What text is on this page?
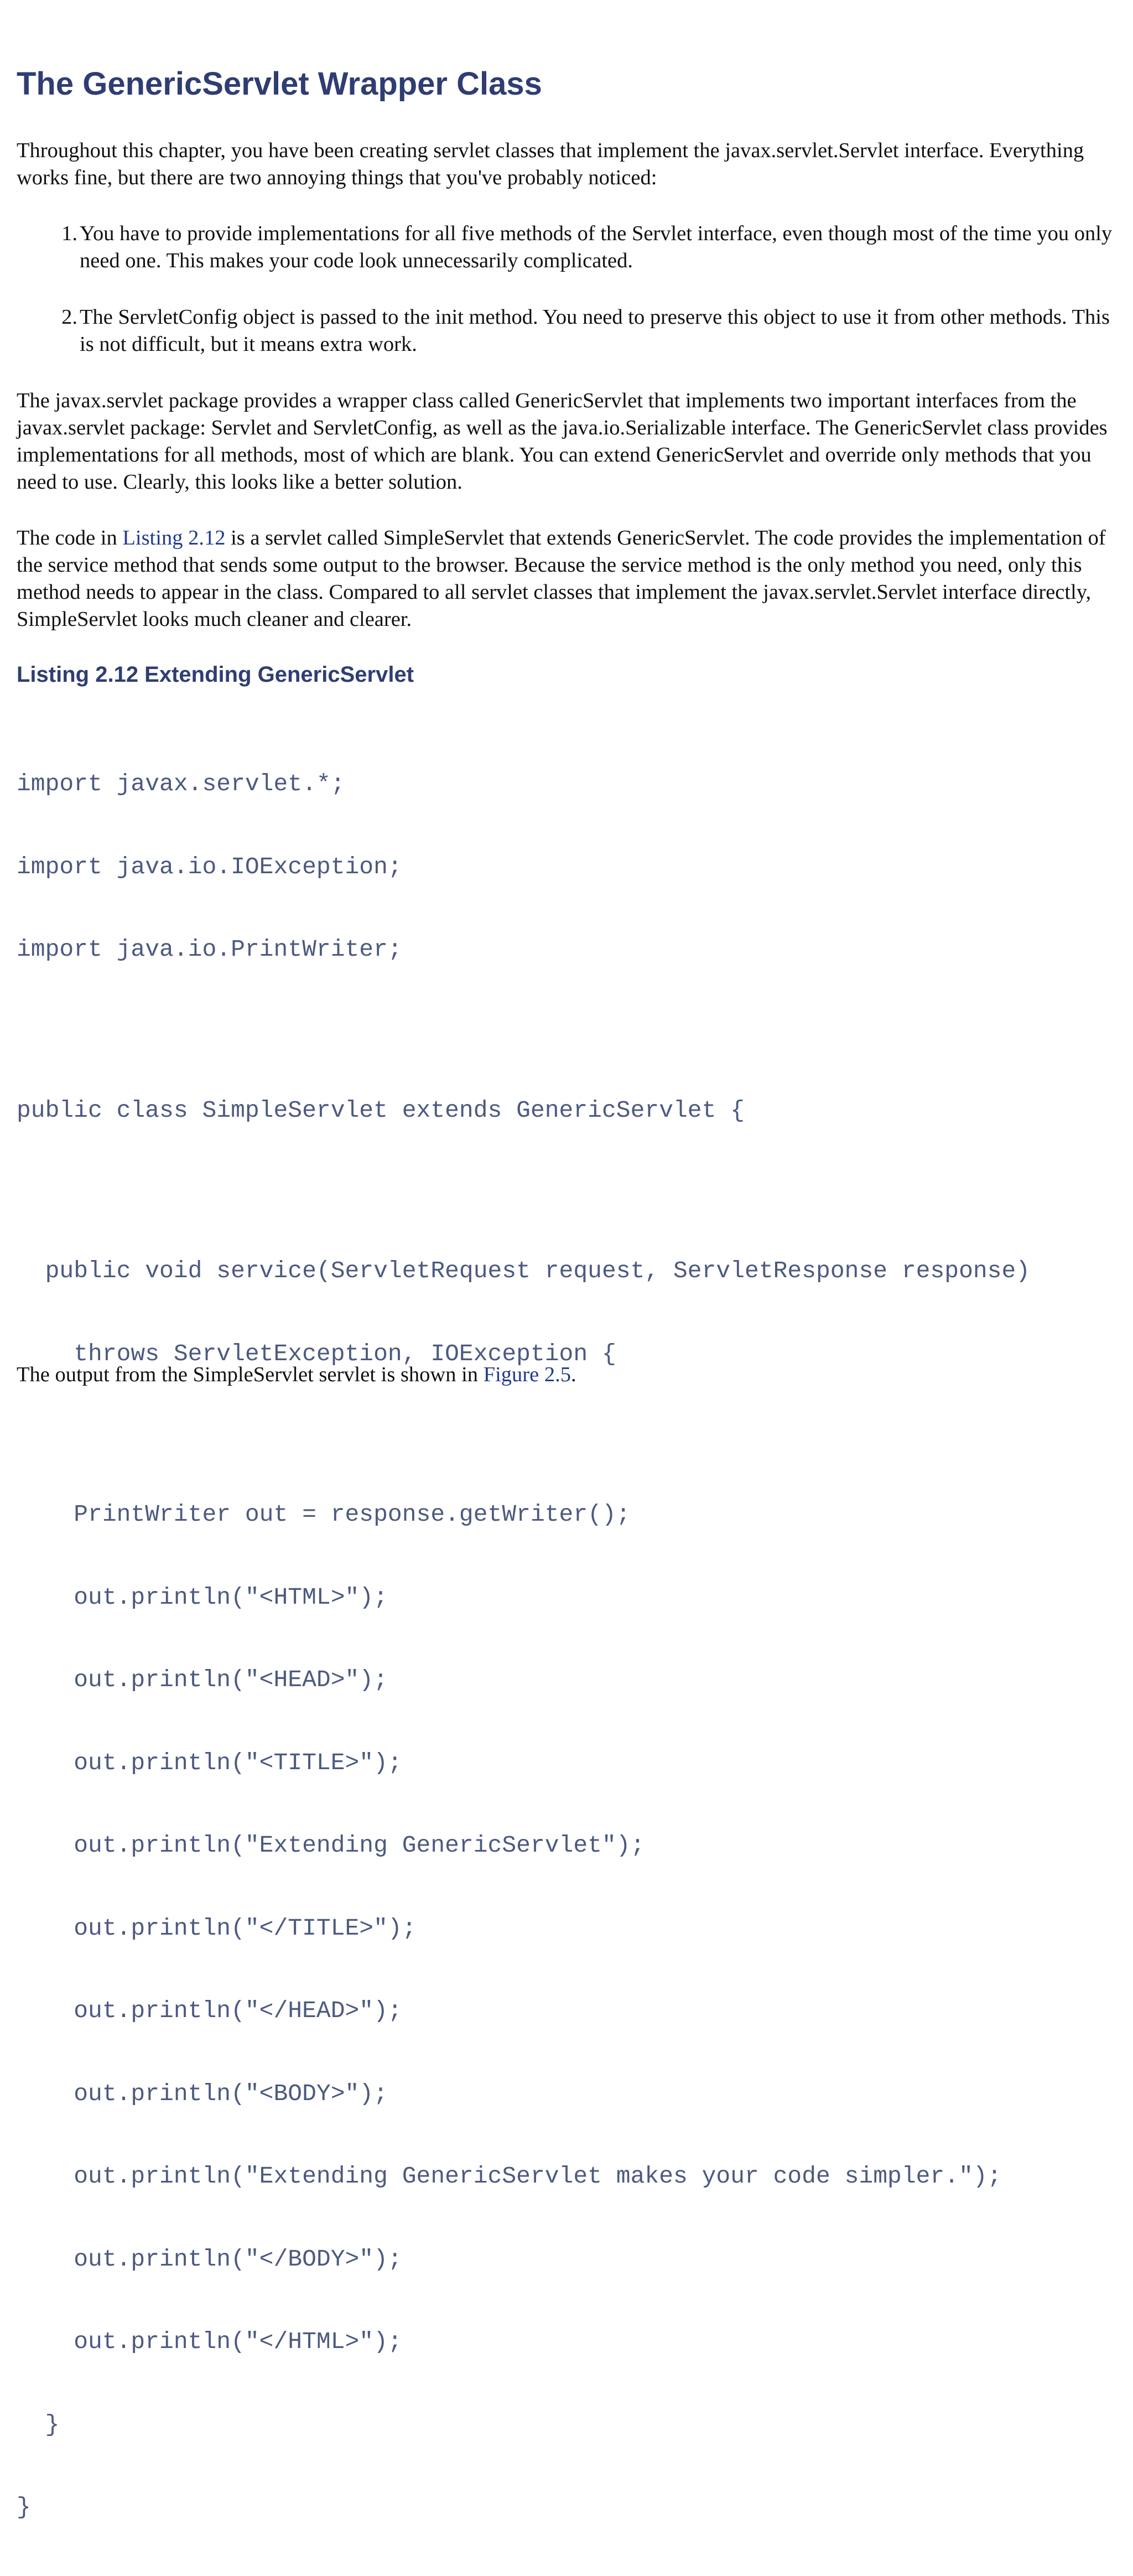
The GenericServlet Wrapper Class

Throughout this chapter, you have been creating servlet classes that implement the javax.servlet.Servlet interface. Everything works fine, but there are two annoying things that you've probably noticed:

1. You have to provide implementations for all five methods of the Servlet interface, even though most of the time you only need one. This makes your code look unnecessarily complicated.
2. The ServletConfig object is passed to the init method. You need to preserve this object to use it from other methods. This is not difficult, but it means extra work.

The javax.servlet package provides a wrapper class called GenericServlet that implements two important interfaces from the javax.servlet package: Servlet and ServletConfig, as well as the java.io.Serializable interface. The GenericServlet class provides implementations for all methods, most of which are blank. You can extend GenericServlet and override only methods that you need to use. Clearly, this looks like a better solution.

The code in Listing 2.12 is a servlet called SimpleServlet that extends GenericServlet. The code provides the implementation of the service method that sends some output to the browser. Because the service method is the only method you need, only this method needs to appear in the class. Compared to all servlet classes that implement the javax.servlet.Servlet interface directly, SimpleServlet looks much cleaner and clearer.

Listing 2.12 Extending GenericServlet

import javax.servlet.*;

import java.io.IOException;

import java.io.PrintWriter;

public class SimpleServlet extends GenericServlet {

public void service(ServletRequest request, ServletResponse response)

throws ServletException, IOException {

PrintWriter out = response.getWriter();

out.println("<HTML>");

out.println("<HEAD>");

out.println("<TITLE>");

out.println("Extending GenericServlet");

out.println("</TITLE>");

out.println("</HEAD>");

out.println("<BODY>");

out.println("Extending GenericServlet makes your code simpler.");

out.println("</BODY>");

out.println("</HTML>");

}

}

The output from the SimpleServlet servlet is shown in Figure 2.5.
